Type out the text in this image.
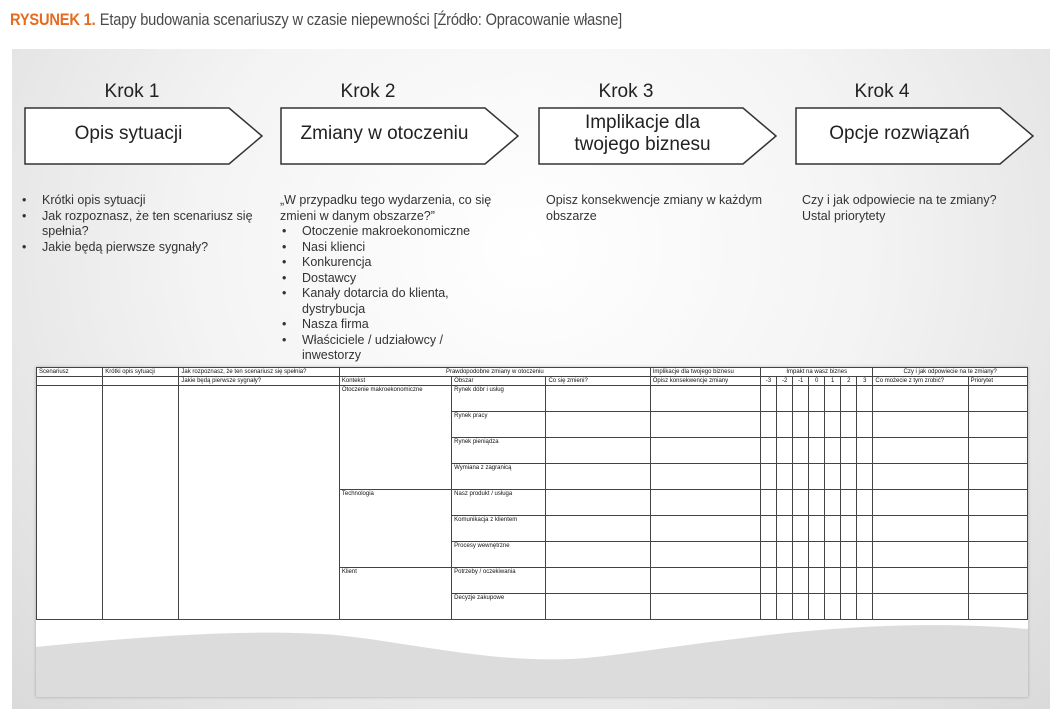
RYSUNEK 1. Etapy budowania scenariuszy w czasie niepewności [Źródło: Opracowanie własne]
Krok 1	Krok 2	Krok 3	Krok 4
Opis sytuacji	Zmiany w otoczeniu
Implikacje dla twojego biznesu
Opcje rozwiązań
• Krótki opis sytuacji
• Jak rozpoznasz, że ten scenariusz się spełnia?
• Jakie będą pierwsze sygnały?

„W przypadku tego wydarzenia, co się zmieni w danym obszarze?”

• Otoczenie makroekonomiczne
• Nasi klienci
• Konkurencja
• Dostawcy
• Kanały dotarcia do klienta, dystrybucja
• Nasza firma
• Właściciele / udziałowcy / inwestorzy

Opisz konsekwencje zmiany w każdym obszarze

Czy i jak odpowiecie na te zmiany? Ustal priorytety

Scenariusz	Krótki opis sytuacji	Jak rozpoznasz, że ten scenariusz się spełnia?	Prawdopodobne zmiany w otoczeniu			Implikacje dla twojego biznesu	Impakt na wasz biznes							Czy i jak odpowiecie na te zmiany?	
		Jakie będą pierwsze sygnały?	Kontekst	Obszar	Co się zmieni?	Opisz konsekwencje zmiany	-3	-2	-1	0	1	2	3	Co możecie z tym zrobić?	Priorytet
			Otoczenie makroekonomiczne	Rynek dóbr i usług											
				Rynek pracy											
				Rynek pieniądza											
				Wymiana z zagranicą											
			Technologia	Nasz produkt / usługa											
				Komunikacja z klientem											
				Procesy wewnętrzne											
			Klient	Potrzeby / oczekiwania											
				Decyzje zakupowe											
